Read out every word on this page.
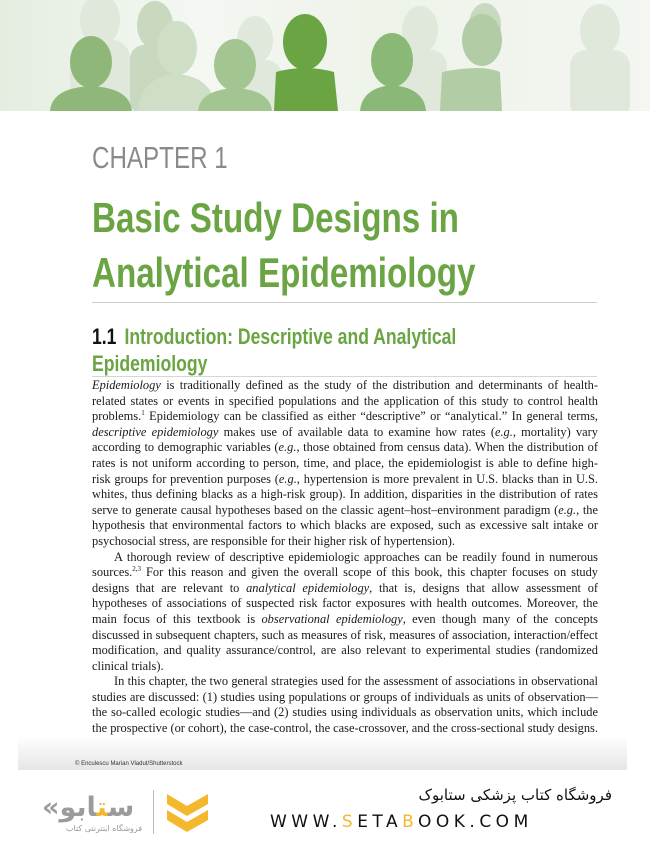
CHAPTER 1
Basic Study Designs in
Analytical Epidemiology
1.1 Introduction: Descriptive and Analytical
Epidemiology

Epidemiology is traditionally defined as the study of the distribution and determinants of health-related states or events in specified populations and the application of this study to control health problems.$^1$ Epidemiology can be classified as either “descriptive” or “analytical.” In general terms, descriptive epidemiology makes use of available data to examine how rates (e.g., mortality) vary according to demographic variables (e.g., those obtained from census data). When the distribution of rates is not uniform according to person, time, and place, the epidemiologist is able to define high-risk groups for prevention purposes (e.g., hypertension is more prevalent in U.S. blacks than in U.S. whites, thus defining blacks as a high-risk group). In addition, disparities in the distribution of rates serve to generate causal hypotheses based on the classic agent–host–environment paradigm (e.g., the hypothesis that environmental factors to which blacks are exposed, such as excessive salt intake or psychosocial stress, are responsible for their higher risk of hypertension).

A thorough review of descriptive epidemiologic approaches can be readily found in numerous sources.$^{2,3}$ For this reason and given the overall scope of this book, this chapter focuses on study designs that are relevant to analytical epidemiology, that is, designs that allow assessment of hypotheses of associations of suspected risk factor exposures with health outcomes. Moreover, the main focus of this textbook is observational epidemiology, even though many of the concepts discussed in subsequent chapters, such as measures of risk, measures of association, interaction/effect modification, and quality assurance/control, are also relevant to experimental studies (randomized clinical trials).

In this chapter, the two general strategies used for the assessment of associations in observational studies are discussed: (1) studies using populations or groups of individuals as units of observation—the so-called ecologic studies—and (2) studies using individuals as observation units, which include the prospective (or cohort), the case-control, the case-crossover, and the cross-sectional study designs.

© Enculescu Marian Vladut/Shutterstock
«ستابو
فروشگاه اینترنتی کتاب
فروشگاه کتاب پزشکی ستابوک
WWW.SETABOOK.COM
